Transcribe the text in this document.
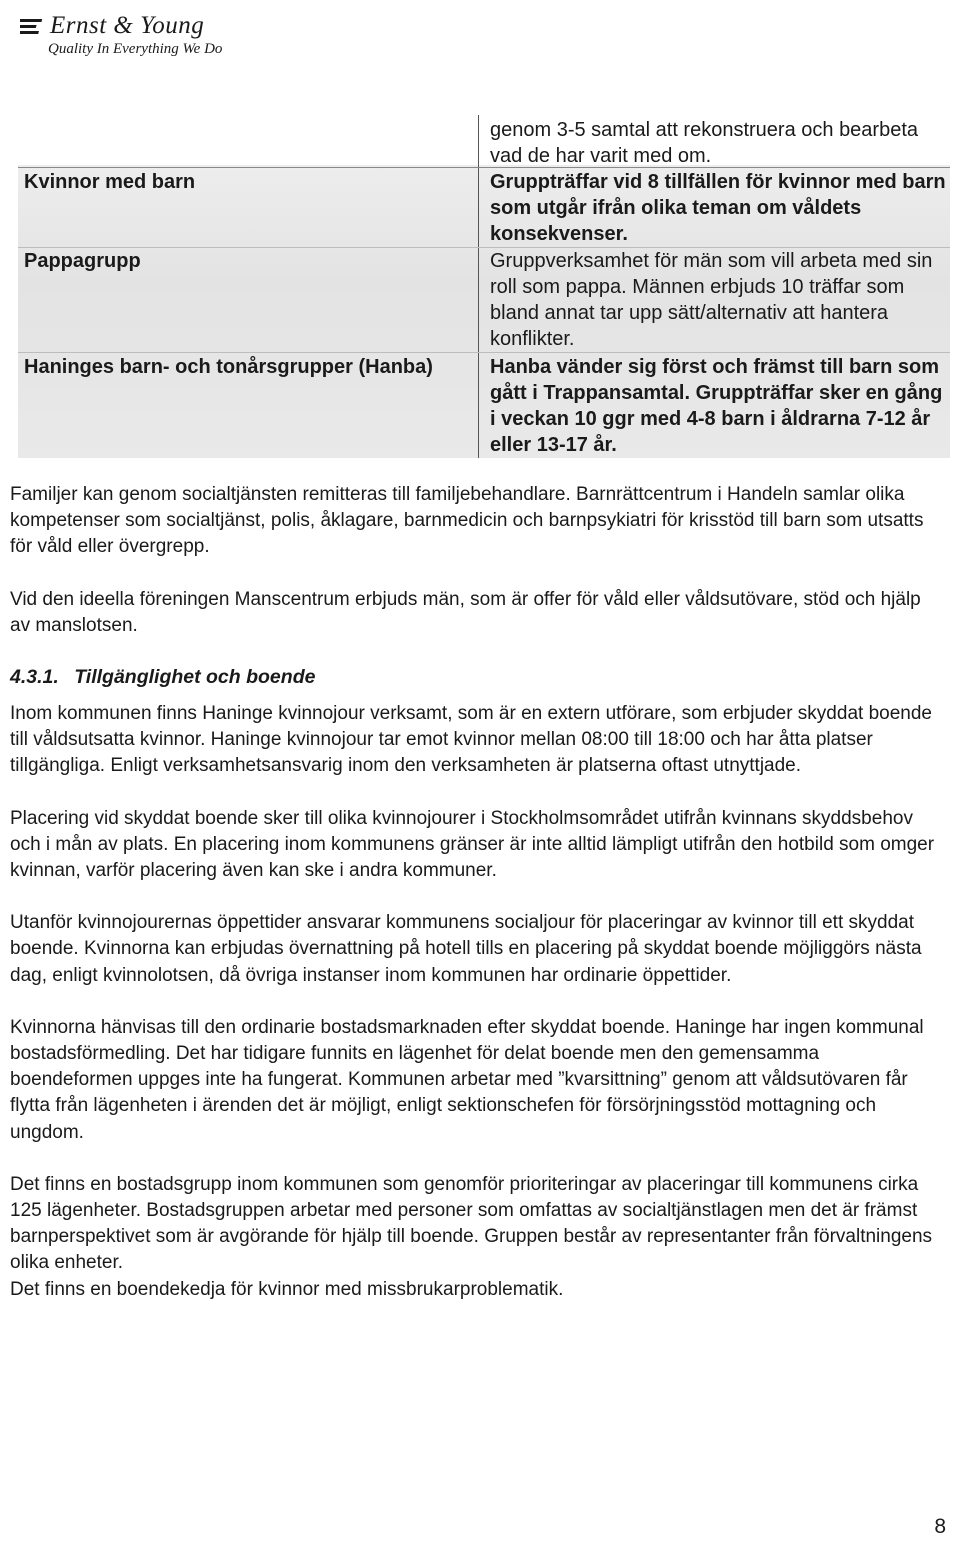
Ernst & Young
Quality In Everything We Do
genom 3-5 samtal att rekonstruera och bearbeta vad de har varit med om.
Kvinnor med barn	Gruppträffar vid 8 tillfällen för kvinnor med barn som utgår ifrån olika teman om våldets konsekvenser.
Pappagrupp	Gruppverksamhet för män som vill arbeta med sin roll som pappa. Männen erbjuds 10 träffar som bland annat tar upp sätt/alternativ att hantera konflikter.
Haninges barn- och tonårsgrupper (Hanba)	Hanba vänder sig först och främst till barn som gått i Trappansamtal. Gruppträffar sker en gång i veckan 10 ggr med 4-8 barn i åldrarna 7-12 år eller 13-17 år.

Familjer kan genom socialtjänsten remitteras till familjebehandlare. Barnrättcentrum i Handeln samlar olika kompetenser som socialtjänst, polis, åklagare, barnmedicin och barnpsykiatri för krisstöd till barn som utsatts för våld eller övergrepp.

Vid den ideella föreningen Manscentrum erbjuds män, som är offer för våld eller våldsutövare, stöd och hjälp av manslotsen.

4.3.1. Tillgänglighet och boende

Inom kommunen finns Haninge kvinnojour verksamt, som är en extern utförare, som erbjuder skyddat boende till våldsutsatta kvinnor. Haninge kvinnojour tar emot kvinnor mellan 08:00 till 18:00 och har åtta platser tillgängliga. Enligt verksamhetsansvarig inom den verksamheten är platserna oftast utnyttjade.

Placering vid skyddat boende sker till olika kvinnojourer i Stockholmsområdet utifrån kvinnans skyddsbehov och i mån av plats. En placering inom kommunens gränser är inte alltid lämpligt utifrån den hotbild som omger kvinnan, varför placering även kan ske i andra kommuner.

Utanför kvinnojourernas öppettider ansvarar kommunens socialjour för placeringar av kvinnor till ett skyddat boende. Kvinnorna kan erbjudas övernattning på hotell tills en placering på skyddat boende möjliggörs nästa dag, enligt kvinnolotsen, då övriga instanser inom kommunen har ordinarie öppettider.

Kvinnorna hänvisas till den ordinarie bostadsmarknaden efter skyddat boende. Haninge har ingen kommunal bostadsförmedling. Det har tidigare funnits en lägenhet för delat boende men den gemensamma boendeformen uppges inte ha fungerat. Kommunen arbetar med ”kvarsittning” genom att våldsutövaren får flytta från lägenheten i ärenden det är möjligt, enligt sektionschefen för försörjningsstöd mottagning och ungdom.

Det finns en bostadsgrupp inom kommunen som genomför prioriteringar av placeringar till kommunens cirka 125 lägenheter. Bostadsgruppen arbetar med personer som omfattas av socialtjänstlagen men det är främst barnperspektivet som är avgörande för hjälp till boende. Gruppen består av representanter från förvaltningens olika enheter.

Det finns en boendekedja för kvinnor med missbrukarproblematik.

8
